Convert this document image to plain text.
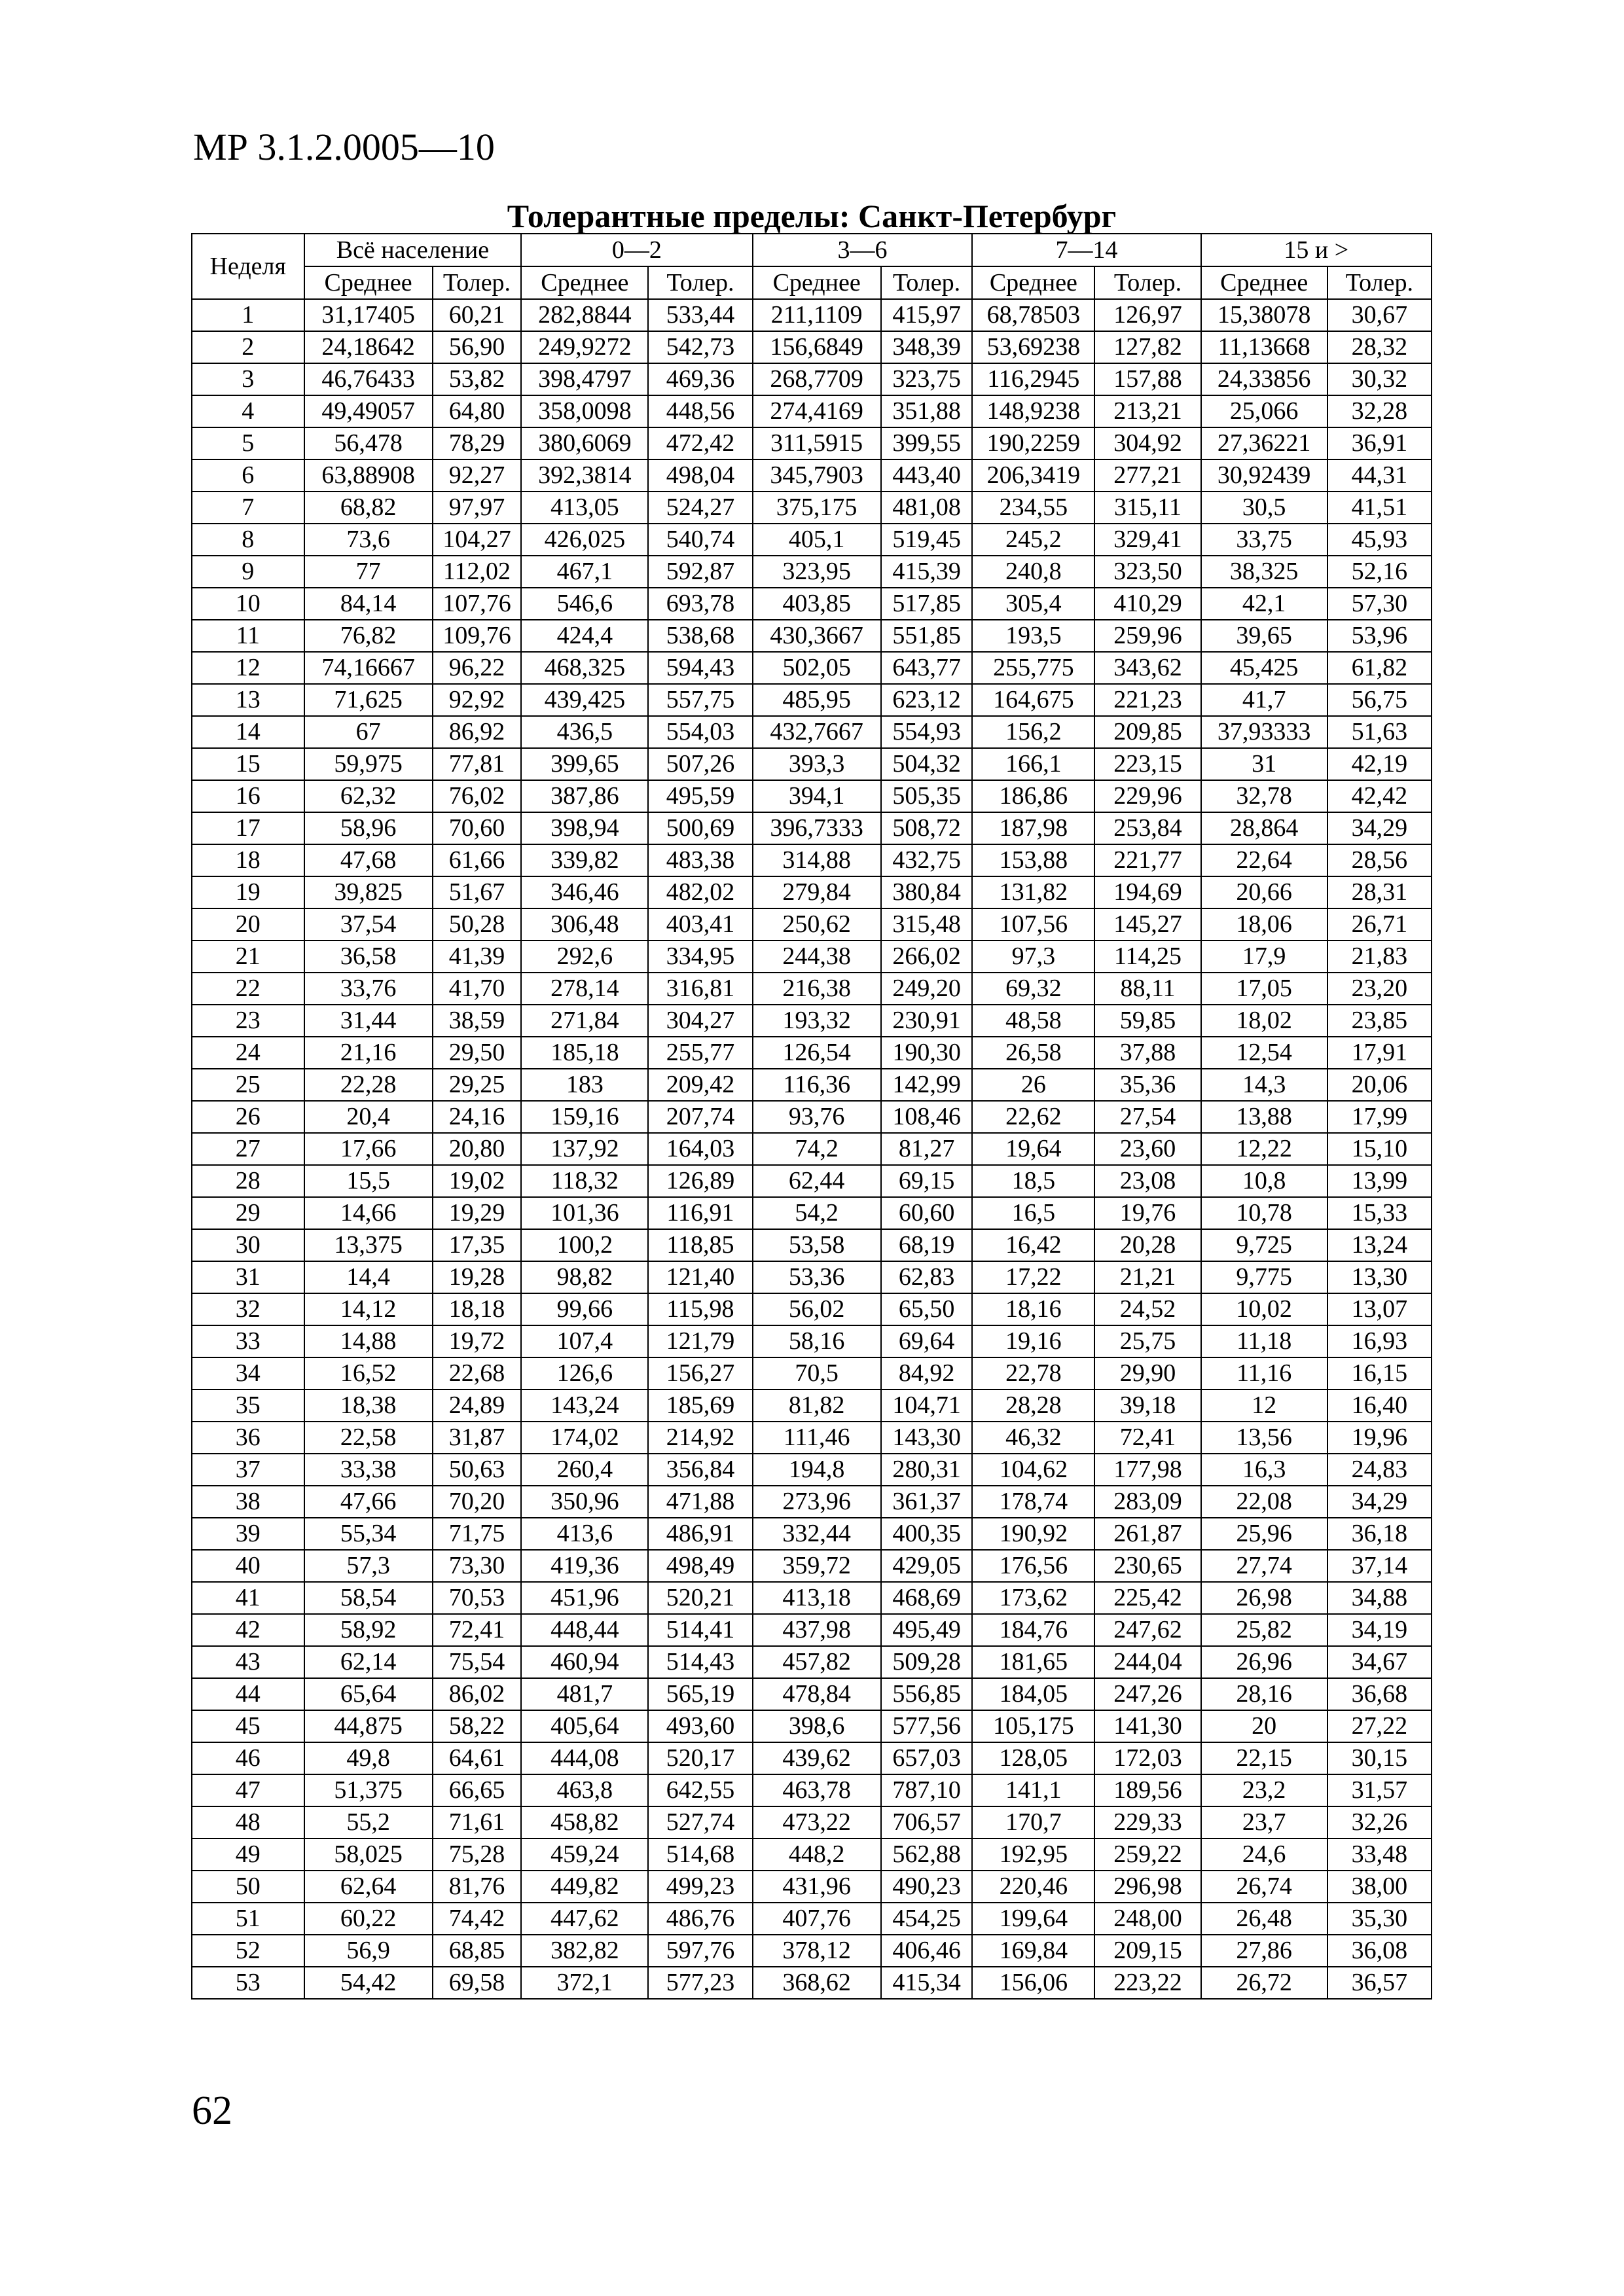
МР 3.1.2.0005—10
Толерантные пределы: Санкт-Петербург
Неделя	Всё население		0—2		3—6		7—14		15 и >	
	Среднее	Толер.	Среднее	Толер.	Среднее	Толер.	Среднее	Толер.	Среднее	Толер.
1	31,17405	60,21	282,8844	533,44	211,1109	415,97	68,78503	126,97	15,38078	30,67
2	24,18642	56,90	249,9272	542,73	156,6849	348,39	53,69238	127,82	11,13668	28,32
3	46,76433	53,82	398,4797	469,36	268,7709	323,75	116,2945	157,88	24,33856	30,32
4	49,49057	64,80	358,0098	448,56	274,4169	351,88	148,9238	213,21	25,066	32,28
5	56,478	78,29	380,6069	472,42	311,5915	399,55	190,2259	304,92	27,36221	36,91
6	63,88908	92,27	392,3814	498,04	345,7903	443,40	206,3419	277,21	30,92439	44,31
7	68,82	97,97	413,05	524,27	375,175	481,08	234,55	315,11	30,5	41,51
8	73,6	104,27	426,025	540,74	405,1	519,45	245,2	329,41	33,75	45,93
9	77	112,02	467,1	592,87	323,95	415,39	240,8	323,50	38,325	52,16
10	84,14	107,76	546,6	693,78	403,85	517,85	305,4	410,29	42,1	57,30
11	76,82	109,76	424,4	538,68	430,3667	551,85	193,5	259,96	39,65	53,96
12	74,16667	96,22	468,325	594,43	502,05	643,77	255,775	343,62	45,425	61,82
13	71,625	92,92	439,425	557,75	485,95	623,12	164,675	221,23	41,7	56,75
14	67	86,92	436,5	554,03	432,7667	554,93	156,2	209,85	37,93333	51,63
15	59,975	77,81	399,65	507,26	393,3	504,32	166,1	223,15	31	42,19
16	62,32	76,02	387,86	495,59	394,1	505,35	186,86	229,96	32,78	42,42
17	58,96	70,60	398,94	500,69	396,7333	508,72	187,98	253,84	28,864	34,29
18	47,68	61,66	339,82	483,38	314,88	432,75	153,88	221,77	22,64	28,56
19	39,825	51,67	346,46	482,02	279,84	380,84	131,82	194,69	20,66	28,31
20	37,54	50,28	306,48	403,41	250,62	315,48	107,56	145,27	18,06	26,71
21	36,58	41,39	292,6	334,95	244,38	266,02	97,3	114,25	17,9	21,83
22	33,76	41,70	278,14	316,81	216,38	249,20	69,32	88,11	17,05	23,20
23	31,44	38,59	271,84	304,27	193,32	230,91	48,58	59,85	18,02	23,85
24	21,16	29,50	185,18	255,77	126,54	190,30	26,58	37,88	12,54	17,91
25	22,28	29,25	183	209,42	116,36	142,99	26	35,36	14,3	20,06
26	20,4	24,16	159,16	207,74	93,76	108,46	22,62	27,54	13,88	17,99
27	17,66	20,80	137,92	164,03	74,2	81,27	19,64	23,60	12,22	15,10
28	15,5	19,02	118,32	126,89	62,44	69,15	18,5	23,08	10,8	13,99
29	14,66	19,29	101,36	116,91	54,2	60,60	16,5	19,76	10,78	15,33
30	13,375	17,35	100,2	118,85	53,58	68,19	16,42	20,28	9,725	13,24
31	14,4	19,28	98,82	121,40	53,36	62,83	17,22	21,21	9,775	13,30
32	14,12	18,18	99,66	115,98	56,02	65,50	18,16	24,52	10,02	13,07
33	14,88	19,72	107,4	121,79	58,16	69,64	19,16	25,75	11,18	16,93
34	16,52	22,68	126,6	156,27	70,5	84,92	22,78	29,90	11,16	16,15
35	18,38	24,89	143,24	185,69	81,82	104,71	28,28	39,18	12	16,40
36	22,58	31,87	174,02	214,92	111,46	143,30	46,32	72,41	13,56	19,96
37	33,38	50,63	260,4	356,84	194,8	280,31	104,62	177,98	16,3	24,83
38	47,66	70,20	350,96	471,88	273,96	361,37	178,74	283,09	22,08	34,29
39	55,34	71,75	413,6	486,91	332,44	400,35	190,92	261,87	25,96	36,18
40	57,3	73,30	419,36	498,49	359,72	429,05	176,56	230,65	27,74	37,14
41	58,54	70,53	451,96	520,21	413,18	468,69	173,62	225,42	26,98	34,88
42	58,92	72,41	448,44	514,41	437,98	495,49	184,76	247,62	25,82	34,19
43	62,14	75,54	460,94	514,43	457,82	509,28	181,65	244,04	26,96	34,67
44	65,64	86,02	481,7	565,19	478,84	556,85	184,05	247,26	28,16	36,68
45	44,875	58,22	405,64	493,60	398,6	577,56	105,175	141,30	20	27,22
46	49,8	64,61	444,08	520,17	439,62	657,03	128,05	172,03	22,15	30,15
47	51,375	66,65	463,8	642,55	463,78	787,10	141,1	189,56	23,2	31,57
48	55,2	71,61	458,82	527,74	473,22	706,57	170,7	229,33	23,7	32,26
49	58,025	75,28	459,24	514,68	448,2	562,88	192,95	259,22	24,6	33,48
50	62,64	81,76	449,82	499,23	431,96	490,23	220,46	296,98	26,74	38,00
51	60,22	74,42	447,62	486,76	407,76	454,25	199,64	248,00	26,48	35,30
52	56,9	68,85	382,82	597,76	378,12	406,46	169,84	209,15	27,86	36,08
53	54,42	69,58	372,1	577,23	368,62	415,34	156,06	223,22	26,72	36,57
62
